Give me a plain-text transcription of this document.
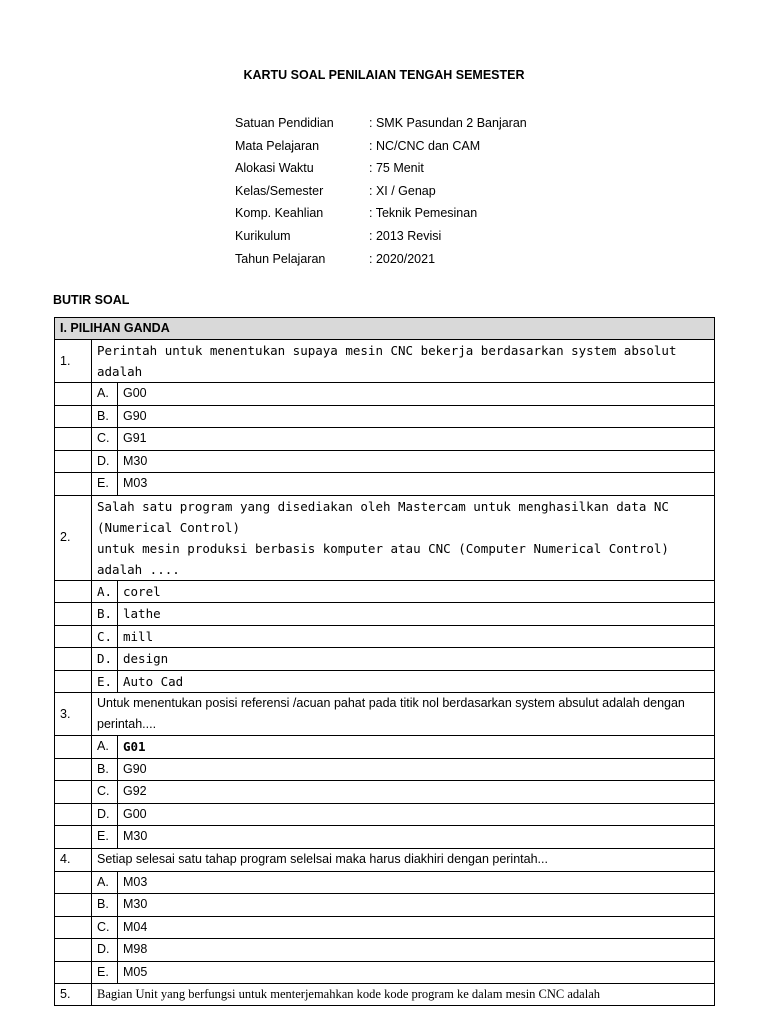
KARTU SOAL PENILAIAN TENGAH SEMESTER
Satuan Pendidian	: SMK Pasundan 2 Banjaran
Mata Pelajaran	: NC/CNC dan CAM
Alokasi Waktu	: 75 Menit
Kelas/Semester	: XI / Genap
Komp. Keahlian	: Teknik Pemesinan
Kurikulum	: 2013 Revisi
Tahun Pelajaran	: 2020/2021
BUTIR SOAL
I. PILIHAN GANDA		
1.	Perintah untuk menentukan supaya mesin CNC bekerja berdasarkan system absolut adalah	
	A.	G00
	B.	G90
	C.	G91
	D.	M30
	E.	M03
2.	Salah satu program yang disediakan oleh Mastercam untuk menghasilkan data NC (Numerical Control)
untuk mesin produksi berbasis komputer atau CNC (Computer Numerical Control) adalah ....	

	A.	corel
	B.	lathe
	C.	mill
	D.	design
	E.	Auto Cad
3.	Untuk menentukan posisi referensi /acuan pahat pada titik nol berdasarkan system absulut adalah dengan
perintah....	

	A.	G01
	B.	G90
	C.	G92
	D.	G00
	E.	M30
4.	Setiap selesai satu tahap program selelsai maka harus diakhiri dengan perintah...	
	A.	M03
	B.	M30
	C.	M04
	D.	M98
	E.	M05
5.	Bagian Unit yang berfungsi untuk menterjemahkan kode kode program ke dalam mesin CNC adalah	
